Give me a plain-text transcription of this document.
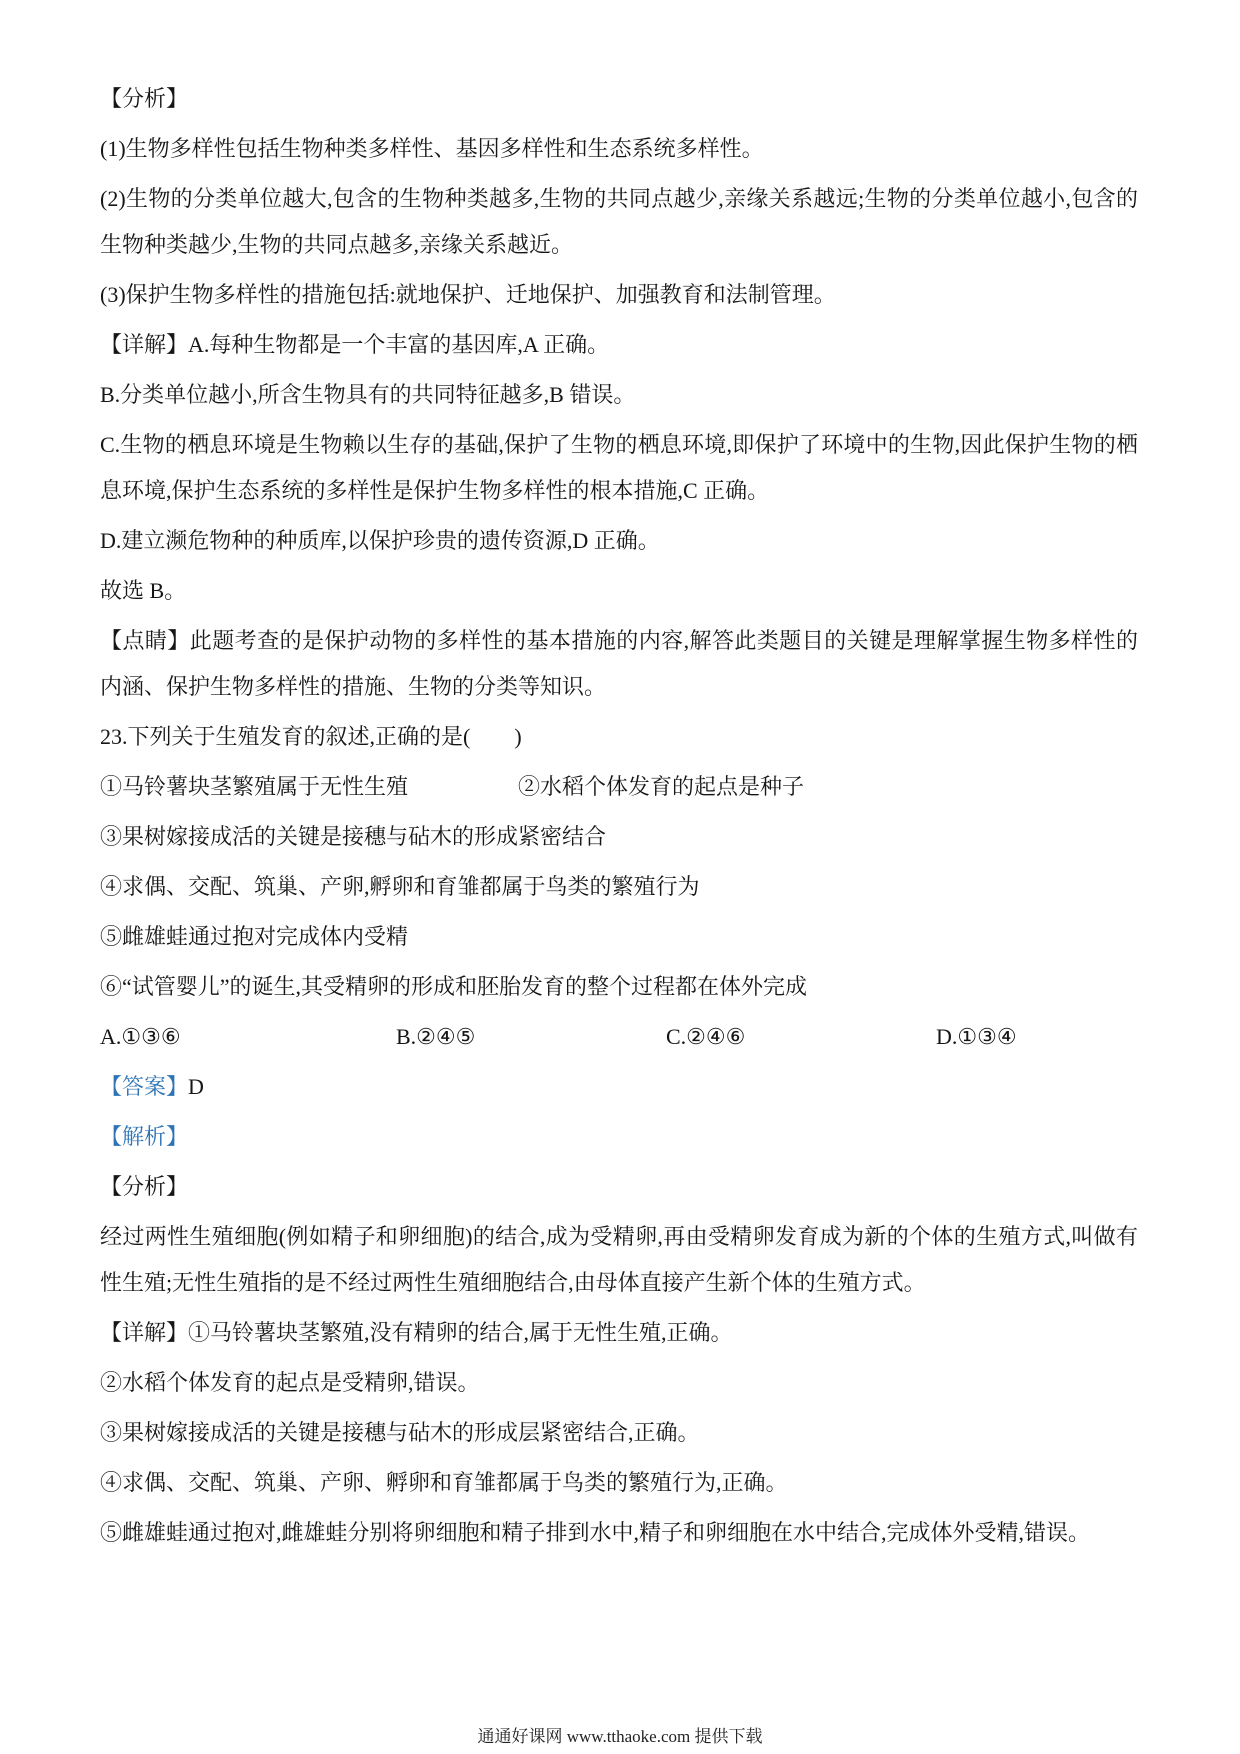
【分析】

(1)生物多样性包括生物种类多样性、基因多样性和生态系统多样性。

(2)生物的分类单位越大,包含的生物种类越多,生物的共同点越少,亲缘关系越远;生物的分类单位越小,包含的生物种类越少,生物的共同点越多,亲缘关系越近。

(3)保护生物多样性的措施包括:就地保护、迁地保护、加强教育和法制管理。

【详解】A.每种生物都是一个丰富的基因库,A 正确。

B.分类单位越小,所含生物具有的共同特征越多,B 错误。

C.生物的栖息环境是生物赖以生存的基础,保护了生物的栖息环境,即保护了环境中的生物,因此保护生物的栖息环境,保护生态系统的多样性是保护生物多样性的根本措施,C 正确。

D.建立濒危物种的种质库,以保护珍贵的遗传资源,D 正确。

故选 B。

【点睛】此题考查的是保护动物的多样性的基本措施的内容,解答此类题目的关键是理解掌握生物多样性的内涵、保护生物多样性的措施、生物的分类等知识。

23.下列关于生殖发育的叙述,正确的是(　　)

①马铃薯块茎繁殖属于无性生殖	②水稻个体发育的起点是种子

③果树嫁接成活的关键是接穗与砧木的形成紧密结合

④求偶、交配、筑巢、产卵,孵卵和育雏都属于鸟类的繁殖行为

⑤雌雄蛙通过抱对完成体内受精

⑥“试管婴儿”的诞生,其受精卵的形成和胚胎发育的整个过程都在体外完成

A.①③⑥	B.②④⑤	C.②④⑥	D.①③④

【答案】D

【解析】

【分析】

经过两性生殖细胞(例如精子和卵细胞)的结合,成为受精卵,再由受精卵发育成为新的个体的生殖方式,叫做有性生殖;无性生殖指的是不经过两性生殖细胞结合,由母体直接产生新个体的生殖方式。

【详解】①马铃薯块茎繁殖,没有精卵的结合,属于无性生殖,正确。

②水稻个体发育的起点是受精卵,错误。

③果树嫁接成活的关键是接穗与砧木的形成层紧密结合,正确。

④求偶、交配、筑巢、产卵、孵卵和育雏都属于鸟类的繁殖行为,正确。

⑤雌雄蛙通过抱对,雌雄蛙分别将卵细胞和精子排到水中,精子和卵细胞在水中结合,完成体外受精,错误。

通通好课网 www.tthaoke.com 提供下载
